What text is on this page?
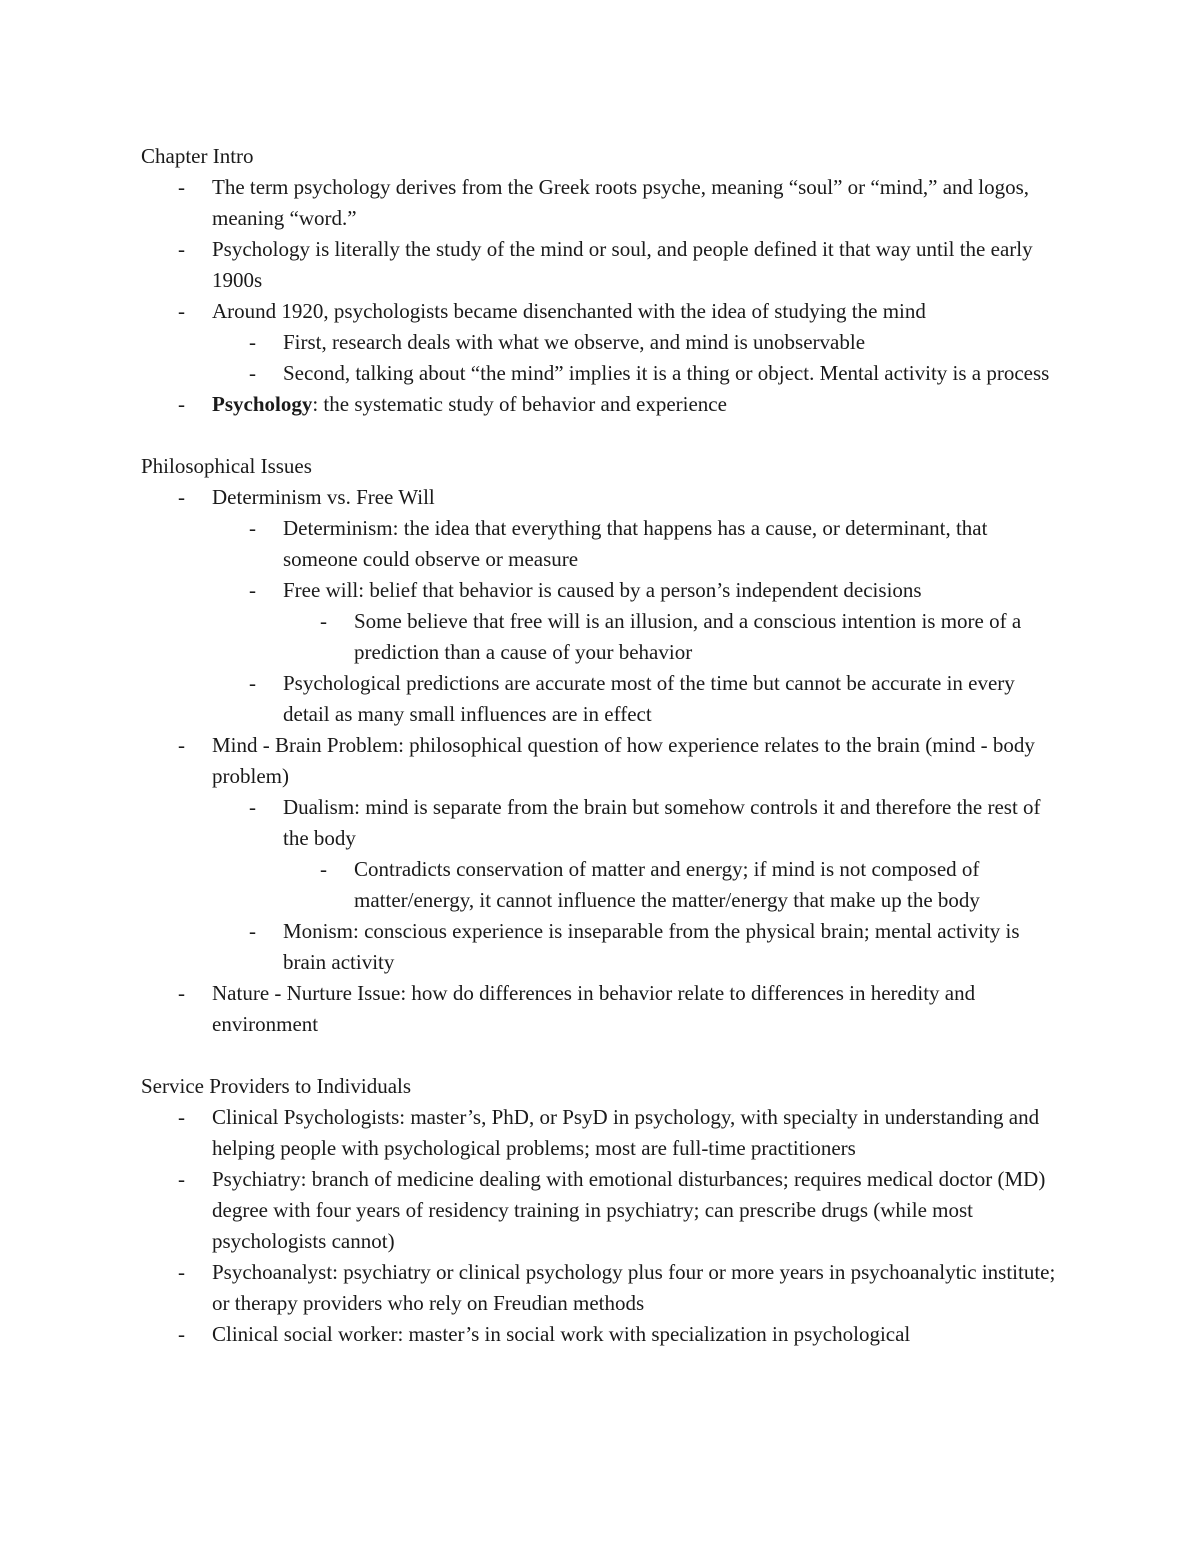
Chapter Intro

- The term psychology derives from the Greek roots psyche, meaning “soul” or “mind,” and logos, meaning “word.”
- Psychology is literally the study of the mind or soul, and people defined it that way until the early 1900s
- Around 1920, psychologists became disenchanted with the idea of studying the mind
- First, research deals with what we observe, and mind is unobservable
- Second, talking about “the mind” implies it is a thing or object. Mental activity is a process
- Psychology: the systematic study of behavior and experience

Philosophical Issues

- Determinism vs. Free Will
- Determinism: the idea that everything that happens has a cause, or determinant, that someone could observe or measure
- Free will: belief that behavior is caused by a person’s independent decisions
- Some believe that free will is an illusion, and a conscious intention is more of a prediction than a cause of your behavior
- Psychological predictions are accurate most of the time but cannot be accurate in every detail as many small influences are in effect
- Mind - Brain Problem: philosophical question of how experience relates to the brain (mind - body problem)
- Dualism: mind is separate from the brain but somehow controls it and therefore the rest of the body
- Contradicts conservation of matter and energy; if mind is not composed of matter/energy, it cannot influence the matter/energy that make up the body
- Monism: conscious experience is inseparable from the physical brain; mental activity is brain activity
- Nature - Nurture Issue: how do differences in behavior relate to differences in heredity and environment

Service Providers to Individuals

- Clinical Psychologists: master’s, PhD, or PsyD in psychology, with specialty in understanding and helping people with psychological problems; most are full-time practitioners
- Psychiatry: branch of medicine dealing with emotional disturbances; requires medical doctor (MD) degree with four years of residency training in psychiatry; can prescribe drugs (while most psychologists cannot)
- Psychoanalyst: psychiatry or clinical psychology plus four or more years in psychoanalytic institute; or therapy providers who rely on Freudian methods
- Clinical social worker: master’s in social work with specialization in psychological
